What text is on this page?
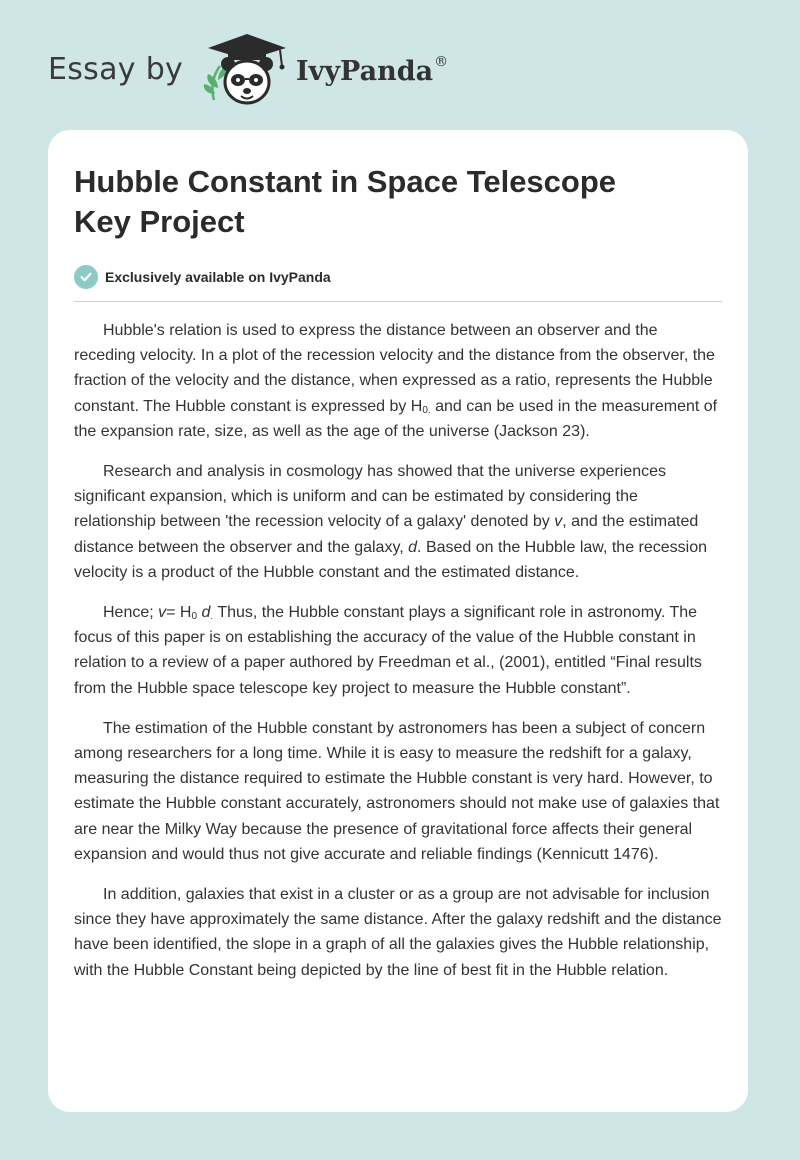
Essay by	IvyPanda®
Hubble Constant in Space Telescope
Key Project
Exclusively available on IvyPanda

Hubble's relation is used to express the distance between an observer and the receding velocity. In a plot of the recession velocity and the distance from the observer, the fraction of the velocity and the distance, when expressed as a ratio, represents the Hubble constant. The Hubble constant is expressed by $H_{0.}$ and can be used in the measurement of the expansion rate, size, as well as the age of the universe (Jackson 23).

Research and analysis in cosmology has showed that the universe experiences significant expansion, which is uniform and can be estimated by considering the relationship between 'the recession velocity of a galaxy' denoted by v, and the estimated distance between the observer and the galaxy, d. Based on the Hubble law, the recession velocity is a product of the Hubble constant and the estimated distance.

Hence; $v= H_0$ $d_.$ Thus, the Hubble constant plays a significant role in astronomy. The focus of this paper is on establishing the accuracy of the value of the Hubble constant in relation to a review of a paper authored by Freedman et al., (2001), entitled “Final results from the Hubble space telescope key project to measure the Hubble constant”.

The estimation of the Hubble constant by astronomers has been a subject of concern among researchers for a long time. While it is easy to measure the redshift for a galaxy, measuring the distance required to estimate the Hubble constant is very hard. However, to estimate the Hubble constant accurately, astronomers should not make use of galaxies that are near the Milky Way because the presence of gravitational force affects their general expansion and would thus not give accurate and reliable findings (Kennicutt 1476).

In addition, galaxies that exist in a cluster or as a group are not advisable for inclusion since they have approximately the same distance. After the galaxy redshift and the distance have been identified, the slope in a graph of all the galaxies gives the Hubble relationship, with the Hubble Constant being depicted by the line of best fit in the Hubble relation.
